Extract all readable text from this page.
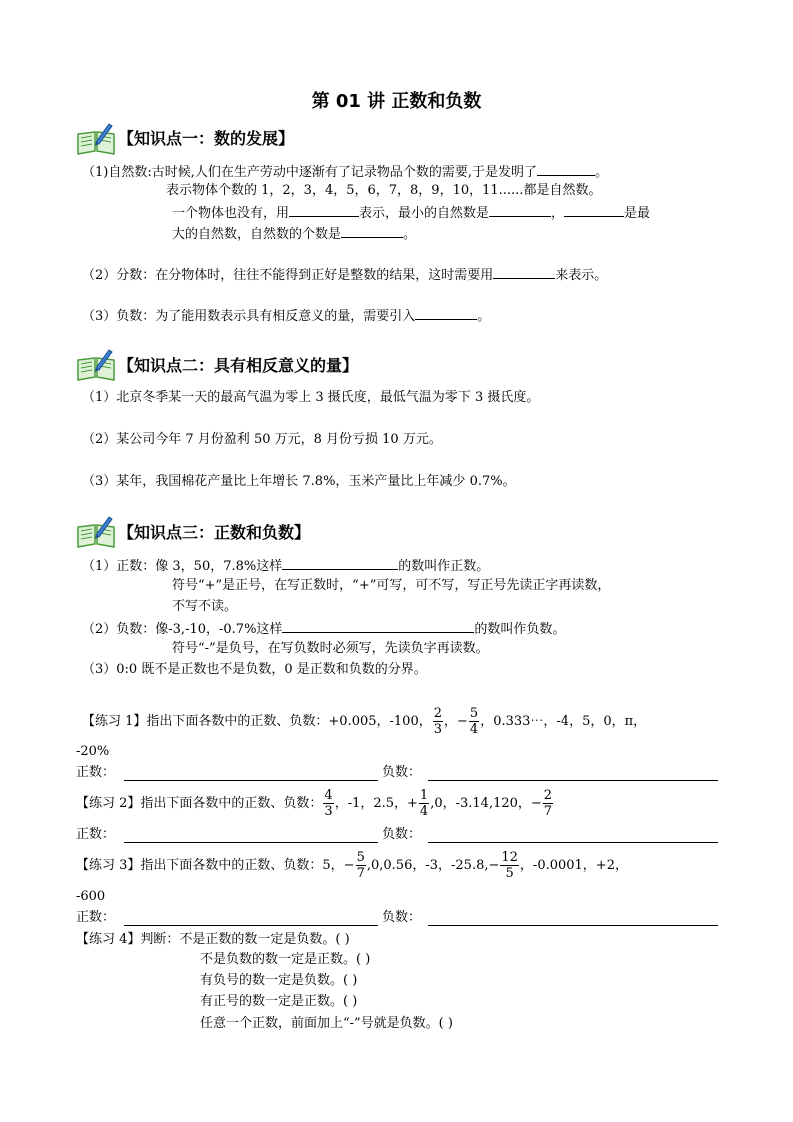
第 01 讲 正数和负数
【知识点一：数的发展】
（1)自然数:古时候,人们在生产劳动中逐渐有了记录物品个数的需要,于是发明了	。
表示物体个数的 1，2，3，4，5，6，7，8，9，10，11......都是自然数。
一个物体也没有，用	表示，最小的自然数是	，	是最
大的自然数，自然数的个数是	。
（2）分数：在分物体时，往往不能得到正好是整数的结果，这时需要用	来表示。
（3）负数：为了能用数表示具有相反意义的量，需要引入	。
【知识点二：具有相反意义的量】
（1）北京冬季某一天的最高气温为零上 3 摄氏度，最低气温为零下 3 摄氏度。
（2）某公司今年 7 月份盈利 50 万元，8 月份亏损 10 万元。
（3）某年，我国棉花产量比上年增长 7.8%，玉米产量比上年减少 0.7%。
【知识点三：正数和负数】
（1）正数：像 3，50，7.8%这样	的数叫作正数。
符号“+”是正号，在写正数时，“+”可写，可不写，写正号先读正字再读数，
不写不读。
（2）负数：像-3,-10，-0.7%这样	的数叫作负数。
符号“-”是负号，在写负数时必须写，先读负字再读数。
（3）0:0 既不是正数也不是负数，0 是正数和负数的分界。
【练习 1】指出下面各数中的正数、负数：+0.005，-100， $\frac{2}{3}$ ，− $\frac{5}{4}$ ，0.333⋯，-4，5，0，π，
-20%
正数：	负数：
【练习 2】指出下面各数中的正数、负数： $\frac{4}{3}$ ，-1，2.5，+ $\frac{1}{4} ,0$，-3.14,120，− $\frac{2}{7}$
正数：	负数：
【练习 3】指出下面各数中的正数、负数：5，− $\frac{5}{7} ,0,0.56$，-3，$-25.8,- \frac{12}{5}$ ，-0.0001，+2，
-600
正数：	负数：
【练习 4】判断：不是正数的数一定是负数。( )
不是负数的数一定是正数。( )
有负号的数一定是负数。( )
有正号的数一定是正数。( )
任意一个正数，前面加上“-”号就是负数。( )
